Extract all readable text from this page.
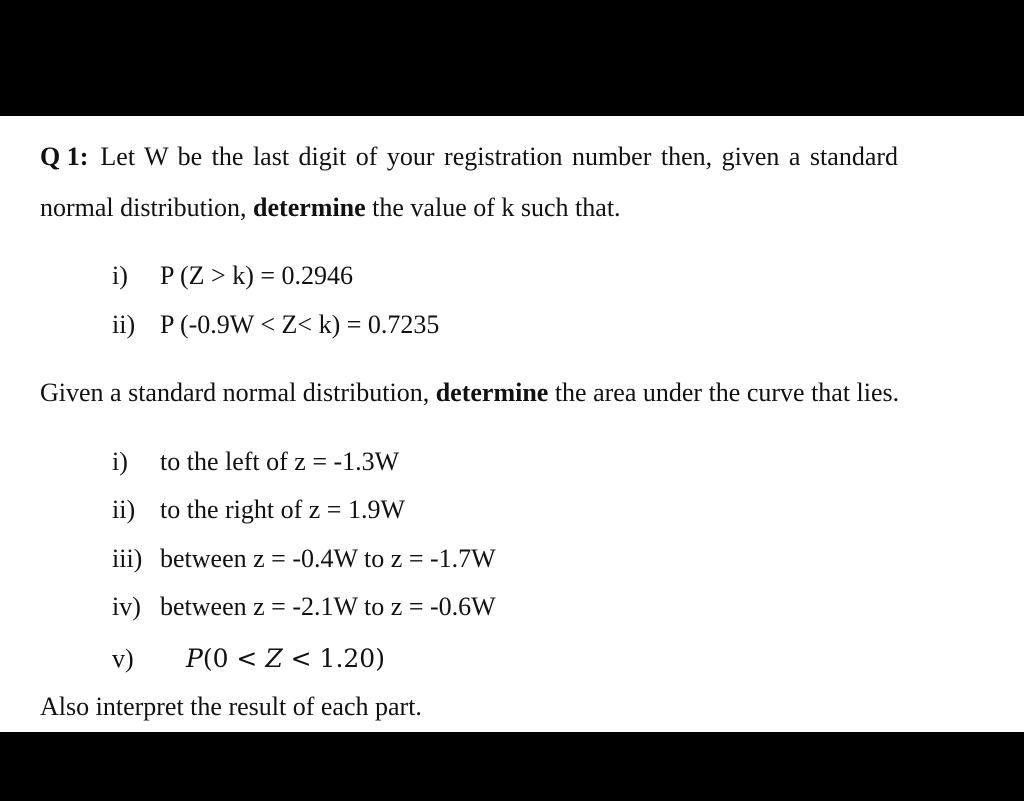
Q 1: Let W be the last digit of your registration number then, given a standard
normal distribution, determine the value of k such that.
i) P (Z > k) = 0.2946
ii) P (-0.9W < Z< k) = 0.7235
Given a standard normal distribution, determine the area under the curve that lies.
i) to the left of z = -1.3W
ii) to the right of z = 1.9W
iii) between z = -0.4W to z = -1.7W
iv) between z = -2.1W to z = -0.6W
v) P(0 < Z < 1.20)
Also interpret the result of each part.
